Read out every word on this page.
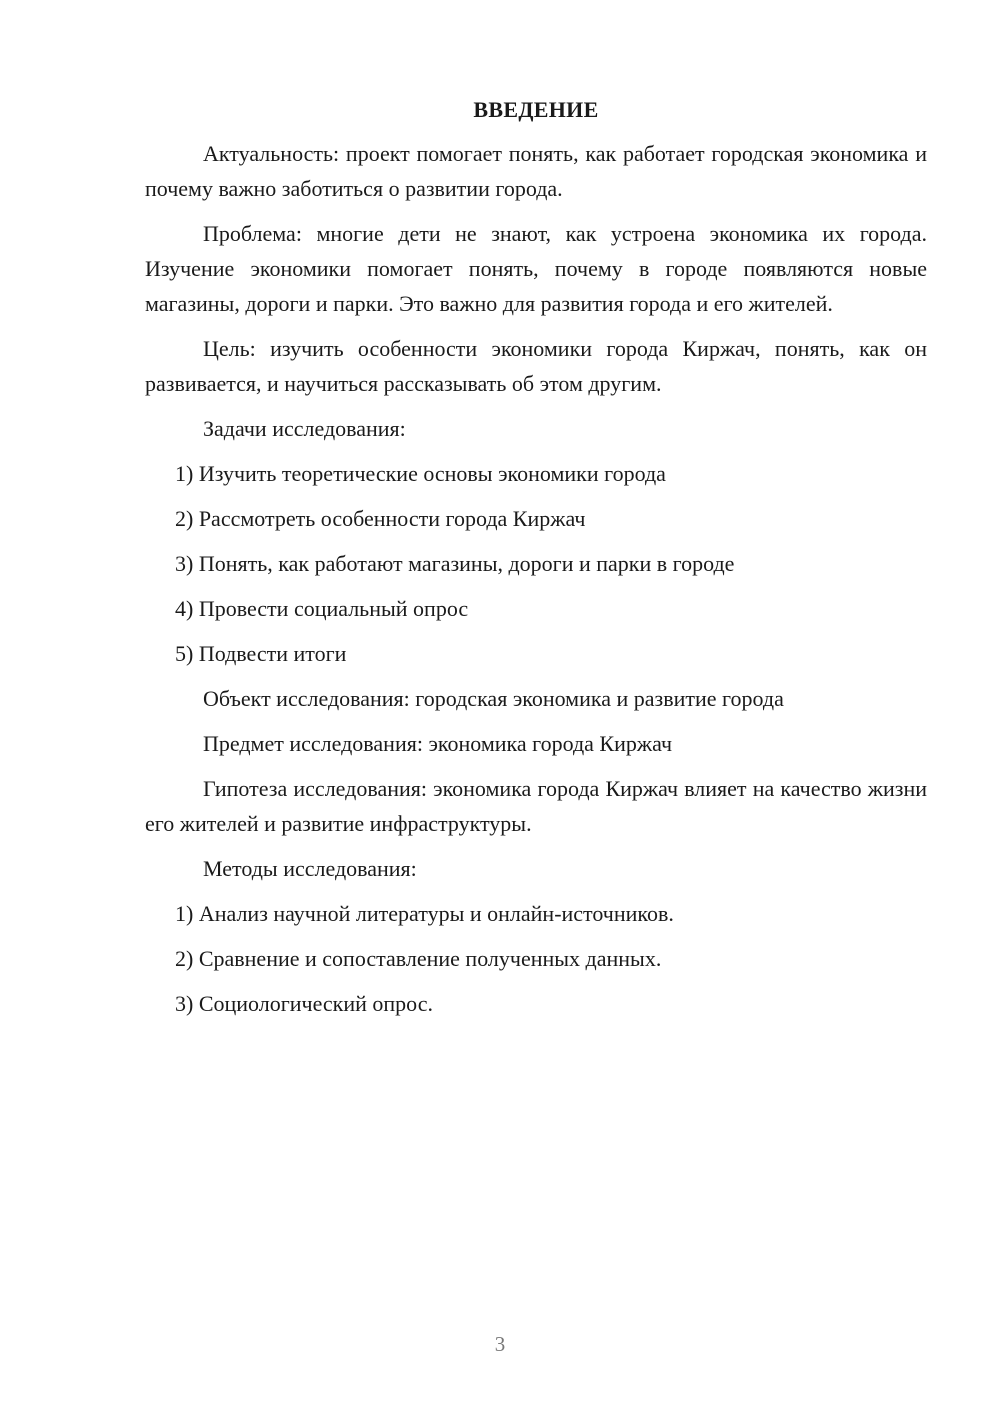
ВВЕДЕНИЕ

Актуальность: проект помогает понять, как работает городская экономика и почему важно заботиться о развитии города.

Проблема: многие дети не знают, как устроена экономика их города. Изучение экономики помогает понять, почему в городе появляются новые магазины, дороги и парки. Это важно для развития города и его жителей.

Цель: изучить особенности экономики города Киржач, понять, как он развивается, и научиться рассказывать об этом другим.

Задачи исследования:

1) Изучить теоретические основы экономики города

2) Рассмотреть особенности города Киржач

3) Понять, как работают магазины, дороги и парки в городе

4) Провести социальный опрос

5) Подвести итоги

Объект исследования: городская экономика и развитие города

Предмет исследования: экономика города Киржач

Гипотеза исследования: экономика города Киржач влияет на качество жизни его жителей и развитие инфраструктуры.

Методы исследования:

1) Анализ научной литературы и онлайн-источников.

2) Сравнение и сопоставление полученных данных.

3) Социологический опрос.

3
